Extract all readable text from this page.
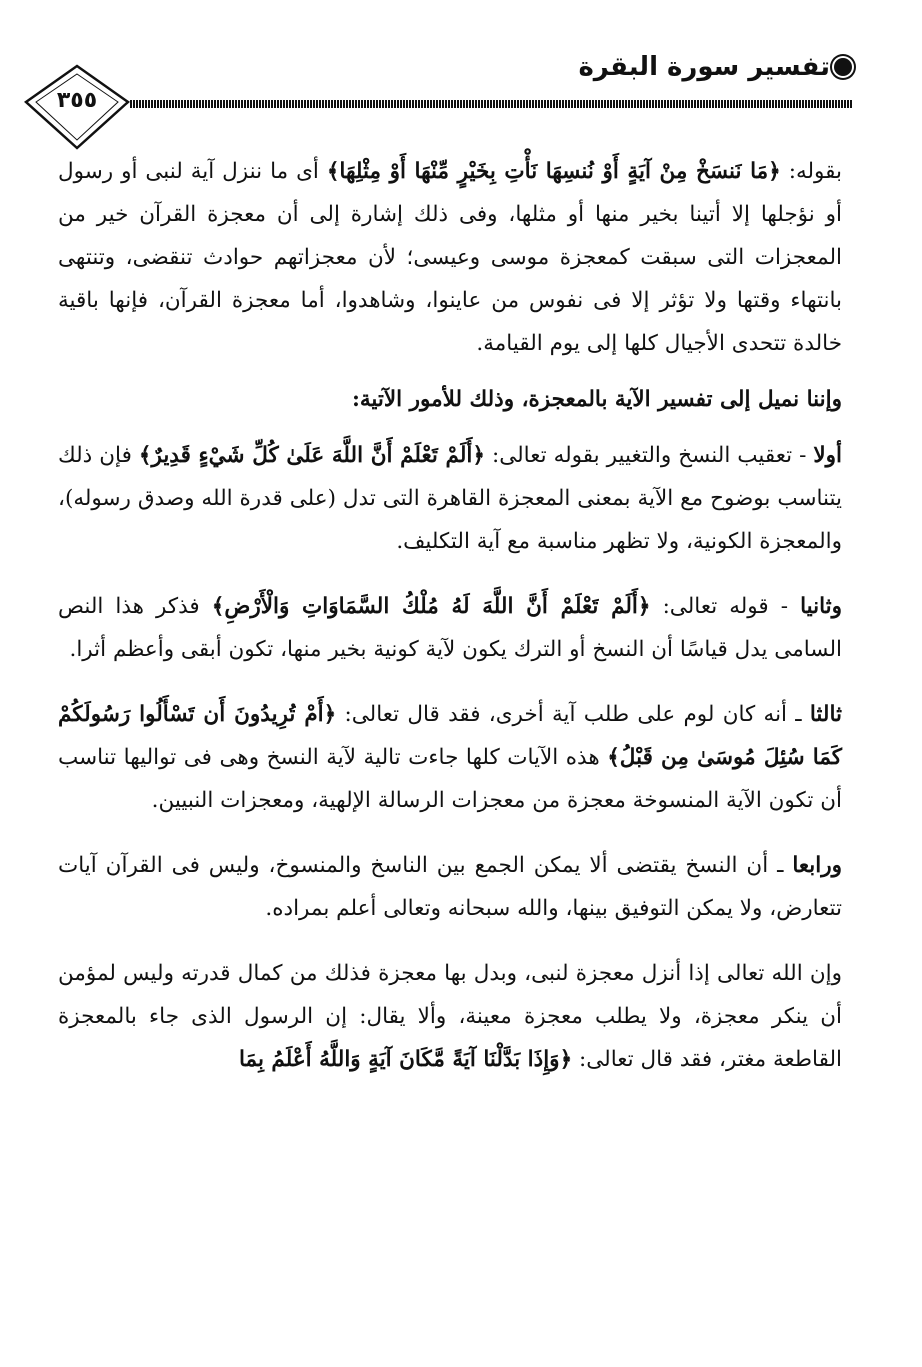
تفسير سورة البقرة
٣٥٥

بقوله: ﴿مَا نَنسَخْ مِنْ آيَةٍ أَوْ نُنسِهَا نَأْتِ بِخَيْرٍ مِّنْهَا أَوْ مِثْلِهَا﴾ أى ما ننزل آية لنبى أو رسول أو نؤجلها إلا أتينا بخير منها أو مثلها، وفى ذلك إشارة إلى أن معجزة القرآن خير من المعجزات التى سبقت كمعجزة موسى وعيسى؛ لأن معجزاتهم حوادث تنقضى، وتنتهى بانتهاء وقتها ولا تؤثر إلا فى نفوس من عاينوا، وشاهدوا، أما معجزة القرآن، فإنها باقية خالدة تتحدى الأجيال كلها إلى يوم القيامة.

وإننا نميل إلى تفسير الآية بالمعجزة، وذلك للأمور الآتية:

أولا - تعقيب النسخ والتغيير بقوله تعالى: ﴿أَلَمْ تَعْلَمْ أَنَّ اللَّهَ عَلَىٰ كُلِّ شَيْءٍ قَدِيرٌ﴾ فإن ذلك يتناسب بوضوح مع الآية بمعنى المعجزة القاهرة التى تدل (على قدرة الله وصدق رسوله)، والمعجزة الكونية، ولا تظهر مناسبة مع آية التكليف.

وثانيا - قوله تعالى: ﴿أَلَمْ تَعْلَمْ أَنَّ اللَّهَ لَهُ مُلْكُ السَّمَاوَاتِ وَالْأَرْضِ﴾ فذكر هذا النص السامى يدل قياسًا أن النسخ أو الترك يكون لآية كونية بخير منها، تكون أبقى وأعظم أثرا.

ثالثا ـ أنه كان لوم على طلب آية أخرى، فقد قال تعالى: ﴿أَمْ تُرِيدُونَ أَن تَسْأَلُوا رَسُولَكُمْ كَمَا سُئِلَ مُوسَىٰ مِن قَبْلُ﴾ هذه الآيات كلها جاءت تالية لآية النسخ وهى فى تواليها تناسب أن تكون الآية المنسوخة معجزة من معجزات الرسالة الإلهية، ومعجزات النبيين.

ورابعا ـ أن النسخ يقتضى ألا يمكن الجمع بين الناسخ والمنسوخ، وليس فى القرآن آيات تتعارض، ولا يمكن التوفيق بينها، والله سبحانه وتعالى أعلم بمراده.

وإن الله تعالى إذا أنزل معجزة لنبى، وبدل بها معجزة فذلك من كمال قدرته وليس لمؤمن أن ينكر معجزة، ولا يطلب معجزة معينة، وألا يقال: إن الرسول الذى جاء بالمعجزة القاطعة مغتر، فقد قال تعالى: ﴿وَإِذَا بَدَّلْنَا آيَةً مَّكَانَ آيَةٍ وَاللَّهُ أَعْلَمُ بِمَا
